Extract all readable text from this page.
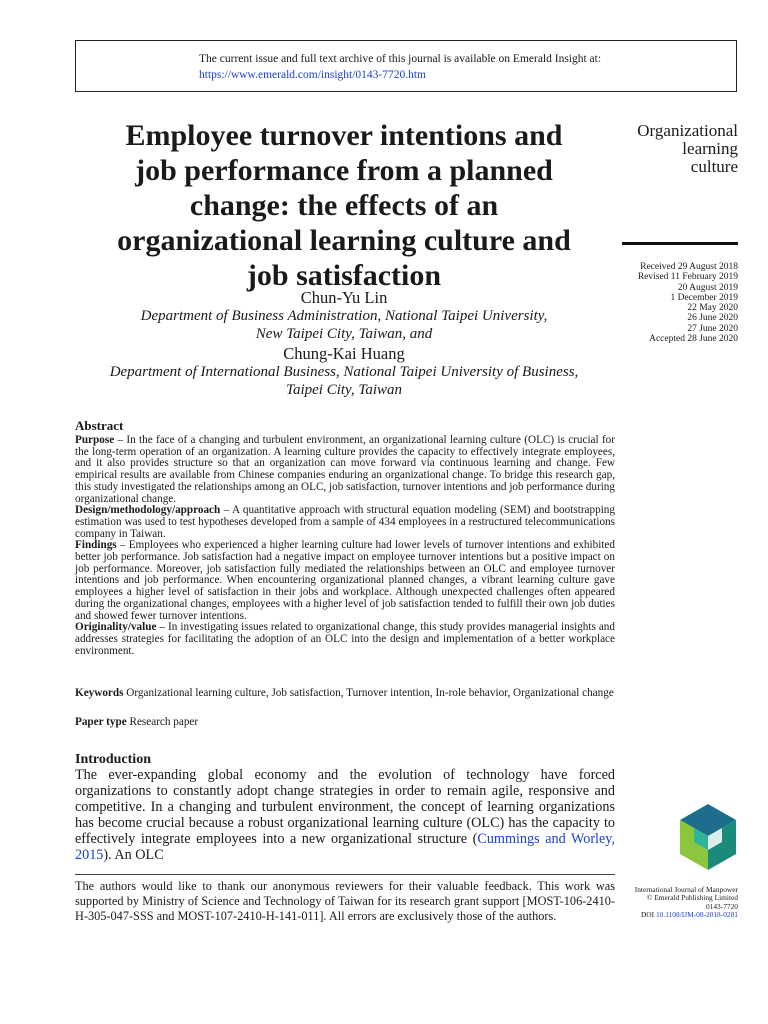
The current issue and full text archive of this journal is available on Emerald Insight at:
https://www.emerald.com/insight/0143-7720.htm
Employee turnover intentions and
job performance from a planned
change: the effects of an
organizational learning culture and
job satisfaction
Organizational
learning
culture
Received 29 August 2018
Revised 11 February 2019
20 August 2019
1 December 2019
22 May 2020
26 June 2020
27 June 2020
Accepted 28 June 2020
Chun-Yu Lin
Department of Business Administration, National Taipei University,
New Taipei City, Taiwan, and
Chung-Kai Huang
Department of International Business, National Taipei University of Business,
Taipei City, Taiwan
Abstract

Purpose – In the face of a changing and turbulent environment, an organizational learning culture (OLC) is crucial for the long-term operation of an organization. A learning culture provides the capacity to effectively integrate employees, and it also provides structure so that an organization can move forward via continuous learning and change. Few empirical results are available from Chinese companies enduring an organizational change. To bridge this research gap, this study investigated the relationships among an OLC, job satisfaction, turnover intentions and job performance during organizational change.

Design/methodology/approach – A quantitative approach with structural equation modeling (SEM) and bootstrapping estimation was used to test hypotheses developed from a sample of 434 employees in a restructured telecommunications company in Taiwan.

Findings – Employees who experienced a higher learning culture had lower levels of turnover intentions and exhibited better job performance. Job satisfaction had a negative impact on employee turnover intentions but a positive impact on job performance. Moreover, job satisfaction fully mediated the relationships between an OLC and employee turnover intentions and job performance. When encountering organizational planned changes, a vibrant learning culture gave employees a higher level of satisfaction in their jobs and workplace. Although unexpected challenges often appeared during the organizational changes, employees with a higher level of job satisfaction tended to fulfill their own job duties and showed fewer turnover intentions.

Originality/value – In investigating issues related to organizational change, this study provides managerial insights and addresses strategies for facilitating the adoption of an OLC into the design and implementation of a better workplace environment.

Keywords Organizational learning culture, Job satisfaction, Turnover intention, In-role behavior, Organizational change
Paper type Research paper
Introduction
The ever-expanding global economy and the evolution of technology have forced organizations to constantly adopt change strategies in order to remain agile, responsive and competitive. In a changing and turbulent environment, the concept of learning organizations has become crucial because a robust organizational learning culture (OLC) has the capacity to effectively integrate employees into a new organizational structure (Cummings and Worley, 2015). An OLC
The authors would like to thank our anonymous reviewers for their valuable feedback. This work was supported by Ministry of Science and Technology of Taiwan for its research grant support [MOST-106-2410-H-305-047-SSS and MOST-107-2410-H-141-011]. All errors are exclusively those of the authors.
International Journal of Manpower
© Emerald Publishing Limited
0143-7720
DOI 10.1108/IJM-08-2018-0281
